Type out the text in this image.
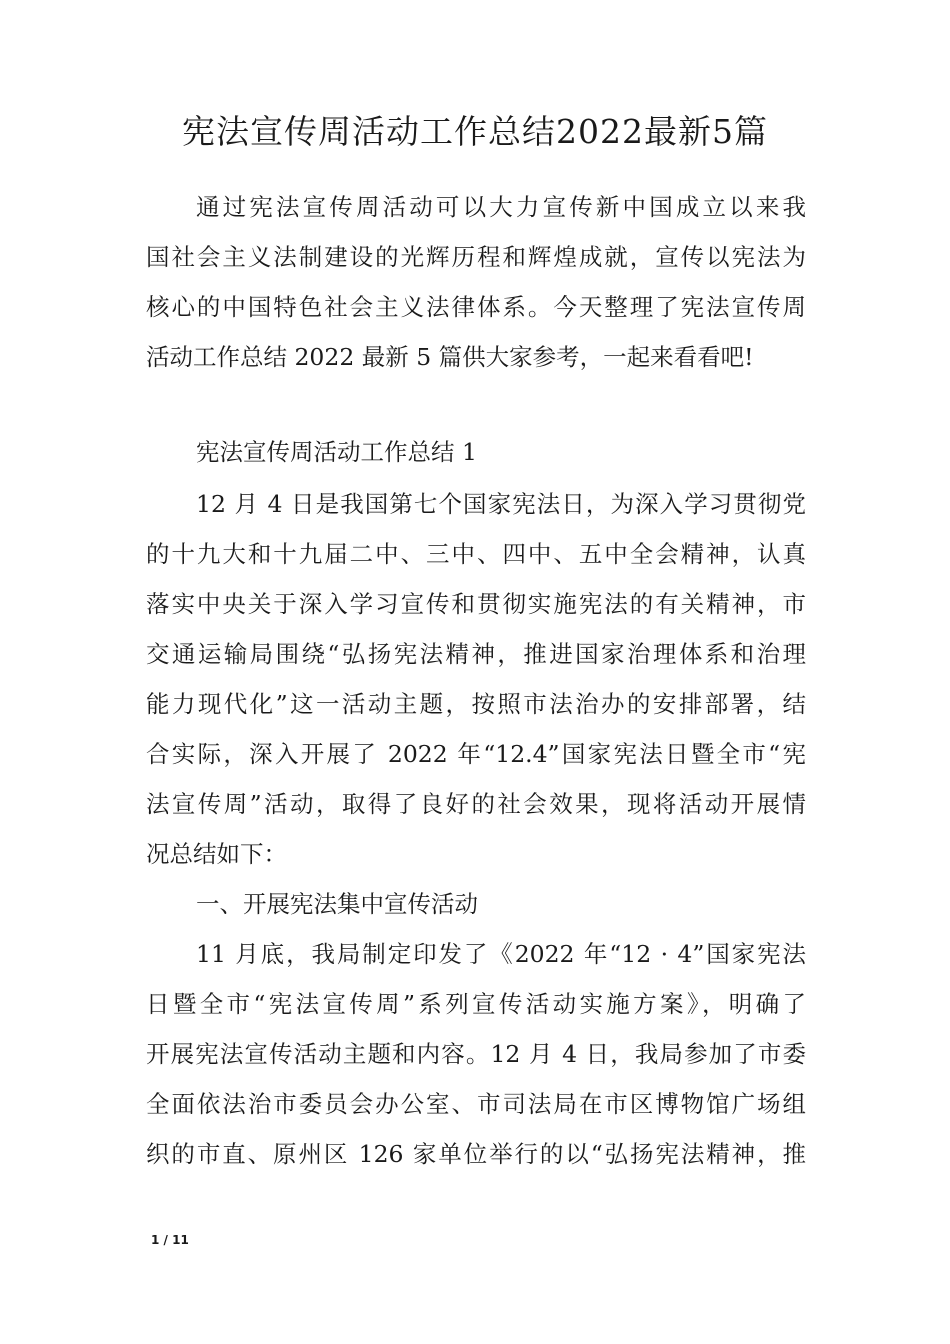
宪法宣传周活动工作总结2022最新5篇
通过宪法宣传周活动可以大力宣传新中国成立以来我
国社会主义法制建设的光辉历程和辉煌成就，宣传以宪法为
核心的中国特色社会主义法律体系。今天整理了宪法宣传周
活动工作总结 2022 最新 5 篇供大家参考，一起来看看吧!
宪法宣传周活动工作总结 1
12 月 4 日是我国第七个国家宪法日，为深入学习贯彻党
的十九大和十九届二中、三中、四中、五中全会精神，认真
落实中央关于深入学习宣传和贯彻实施宪法的有关精神，市
交通运输局围绕“弘扬宪法精神，推进国家治理体系和治理
能力现代化”这一活动主题，按照市法治办的安排部署，结
合实际，深入开展了 2022 年“12.4”国家宪法日暨全市“宪
法宣传周”活动，取得了良好的社会效果，现将活动开展情
况总结如下：
一、开展宪法集中宣传活动
11 月底，我局制定印发了《2022 年“12 · 4”国家宪法
日暨全市“宪法宣传周”系列宣传活动实施方案》，明确了
开展宪法宣传活动主题和内容。12 月 4 日，我局参加了市委
全面依法治市委员会办公室、市司法局在市区博物馆广场组
织的市直、原州区 126 家单位举行的以“弘扬宪法精神，推
1 / 11
